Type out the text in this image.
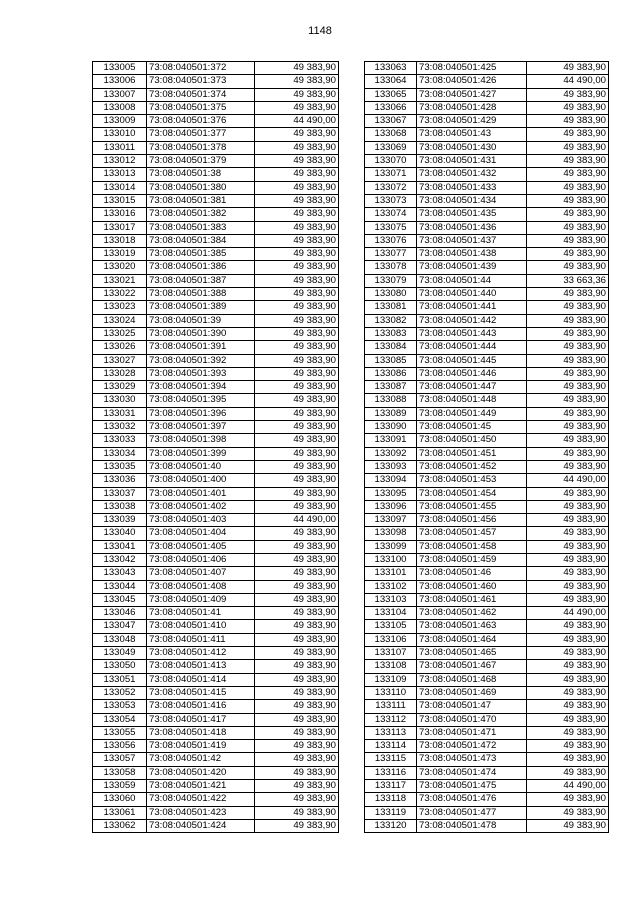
1148
133005	73:08:040501:372	49 383,90
133006	73:08:040501:373	49 383,90
133007	73:08:040501:374	49 383,90
133008	73:08:040501:375	49 383,90
133009	73:08:040501:376	44 490,00
133010	73:08:040501:377	49 383,90
133011	73:08:040501:378	49 383,90
133012	73:08:040501:379	49 383,90
133013	73:08:040501:38	49 383,90
133014	73:08:040501:380	49 383,90
133015	73:08:040501:381	49 383,90
133016	73:08:040501:382	49 383,90
133017	73:08:040501:383	49 383,90
133018	73:08:040501:384	49 383,90
133019	73:08:040501:385	49 383,90
133020	73:08:040501:386	49 383,90
133021	73:08:040501:387	49 383,90
133022	73:08:040501:388	49 383,90
133023	73:08:040501:389	49 383,90
133024	73:08:040501:39	49 383,90
133025	73:08:040501:390	49 383,90
133026	73:08:040501:391	49 383,90
133027	73:08:040501:392	49 383,90
133028	73:08:040501:393	49 383,90
133029	73:08:040501:394	49 383,90
133030	73:08:040501:395	49 383,90
133031	73:08:040501:396	49 383,90
133032	73:08:040501:397	49 383,90
133033	73:08:040501:398	49 383,90
133034	73:08:040501:399	49 383,90
133035	73:08:040501:40	49 383,90
133036	73:08:040501:400	49 383,90
133037	73:08:040501:401	49 383,90
133038	73:08:040501:402	49 383,90
133039	73:08:040501:403	44 490,00
133040	73:08:040501:404	49 383,90
133041	73:08:040501:405	49 383,90
133042	73:08:040501:406	49 383,90
133043	73:08:040501:407	49 383,90
133044	73:08:040501:408	49 383,90
133045	73:08:040501:409	49 383,90
133046	73:08:040501:41	49 383,90
133047	73:08:040501:410	49 383,90
133048	73:08:040501:411	49 383,90
133049	73:08:040501:412	49 383,90
133050	73:08:040501:413	49 383,90
133051	73:08:040501:414	49 383,90
133052	73:08:040501:415	49 383,90
133053	73:08:040501:416	49 383,90
133054	73:08:040501:417	49 383,90
133055	73:08:040501:418	49 383,90
133056	73:08:040501:419	49 383,90
133057	73:08:040501:42	49 383,90
133058	73:08:040501:420	49 383,90
133059	73:08:040501:421	49 383,90
133060	73:08:040501:422	49 383,90
133061	73:08:040501:423	49 383,90
133062	73:08:040501:424	49 383,90
133063	73:08:040501:425	49 383,90
133064	73:08:040501:426	44 490,00
133065	73:08:040501:427	49 383,90
133066	73:08:040501:428	49 383,90
133067	73:08:040501:429	49 383,90
133068	73:08:040501:43	49 383,90
133069	73:08:040501:430	49 383,90
133070	73:08:040501:431	49 383,90
133071	73:08:040501:432	49 383,90
133072	73:08:040501:433	49 383,90
133073	73:08:040501:434	49 383,90
133074	73:08:040501:435	49 383,90
133075	73:08:040501:436	49 383,90
133076	73:08:040501:437	49 383,90
133077	73:08:040501:438	49 383,90
133078	73:08:040501:439	49 383,90
133079	73:08:040501:44	33 663,36
133080	73:08:040501:440	49 383,90
133081	73:08:040501:441	49 383,90
133082	73:08:040501:442	49 383,90
133083	73:08:040501:443	49 383,90
133084	73:08:040501:444	49 383,90
133085	73:08:040501:445	49 383,90
133086	73:08:040501:446	49 383,90
133087	73:08:040501:447	49 383,90
133088	73:08:040501:448	49 383,90
133089	73:08:040501:449	49 383,90
133090	73:08:040501:45	49 383,90
133091	73:08:040501:450	49 383,90
133092	73:08:040501:451	49 383,90
133093	73:08:040501:452	49 383,90
133094	73:08:040501:453	44 490,00
133095	73:08:040501:454	49 383,90
133096	73:08:040501:455	49 383,90
133097	73:08:040501:456	49 383,90
133098	73:08:040501:457	49 383,90
133099	73:08:040501:458	49 383,90
133100	73:08:040501:459	49 383,90
133101	73:08:040501:46	49 383,90
133102	73:08:040501:460	49 383,90
133103	73:08:040501:461	49 383,90
133104	73:08:040501:462	44 490,00
133105	73:08:040501:463	49 383,90
133106	73:08:040501:464	49 383,90
133107	73:08:040501:465	49 383,90
133108	73:08:040501:467	49 383,90
133109	73:08:040501:468	49 383,90
133110	73:08:040501:469	49 383,90
133111	73:08:040501:47	49 383,90
133112	73:08:040501:470	49 383,90
133113	73:08:040501:471	49 383,90
133114	73:08:040501:472	49 383,90
133115	73:08:040501:473	49 383,90
133116	73:08:040501:474	49 383,90
133117	73:08:040501:475	44 490,00
133118	73:08:040501:476	49 383,90
133119	73:08:040501:477	49 383,90
133120	73:08:040501:478	49 383,90
